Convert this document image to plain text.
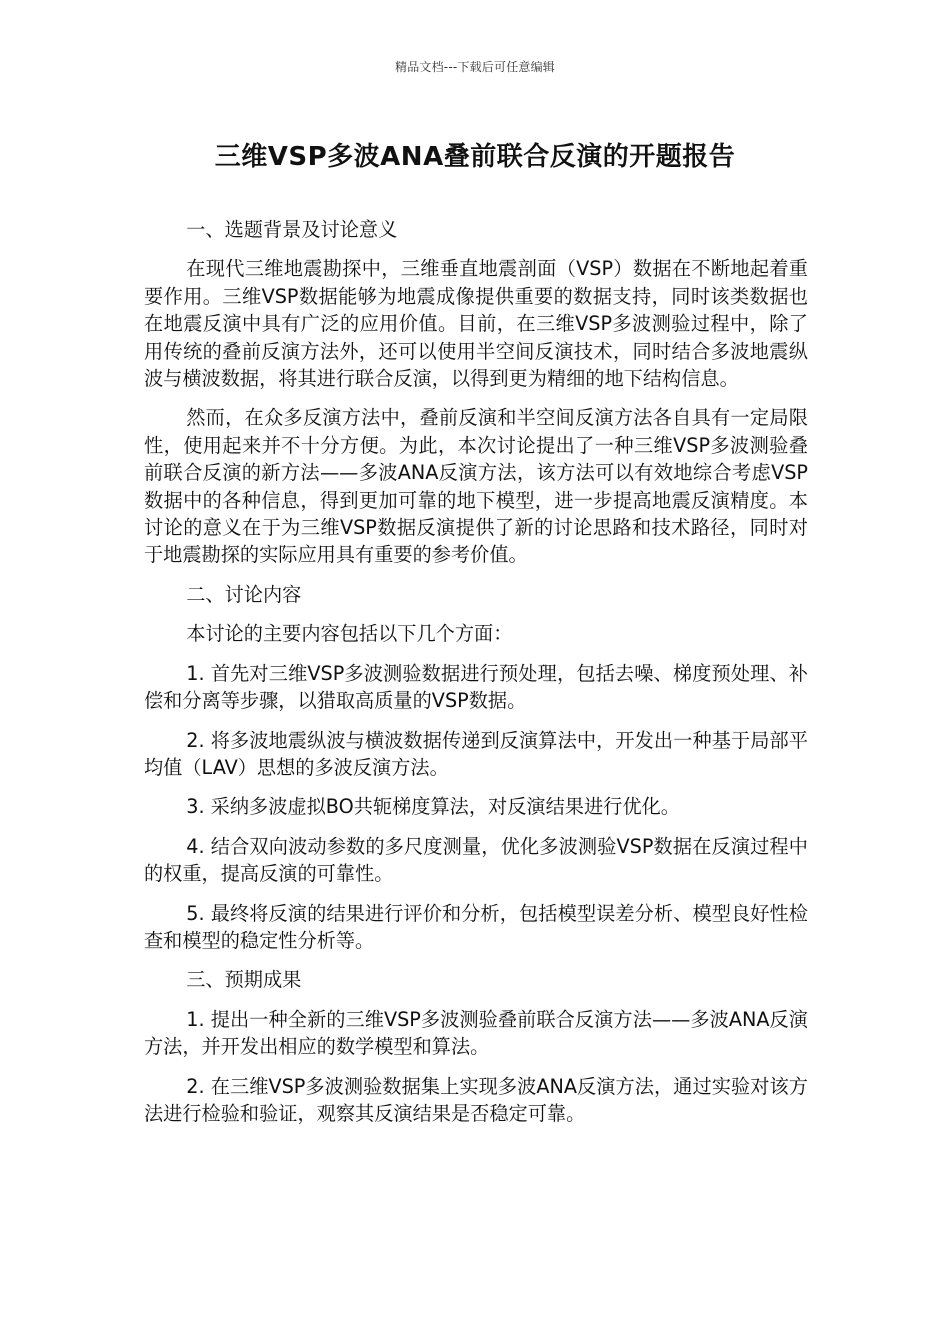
精品文档---下载后可任意编辑
三维VSP多波ANA叠前联合反演的开题报告

一、选题背景及讨论意义

在现代三维地震勘探中，三维垂直地震剖面（VSP）数据在不断地起着重要作用。三维VSP数据能够为地震成像提供重要的数据支持，同时该类数据也在地震反演中具有广泛的应用价值。目前，在三维VSP多波测验过程中，除了用传统的叠前反演方法外，还可以使用半空间反演技术，同时结合多波地震纵波与横波数据，将其进行联合反演，以得到更为精细的地下结构信息。

然而，在众多反演方法中，叠前反演和半空间反演方法各自具有一定局限性，使用起来并不十分方便。为此，本次讨论提出了一种三维VSP多波测验叠前联合反演的新方法——多波ANA反演方法，该方法可以有效地综合考虑VSP数据中的各种信息，得到更加可靠的地下模型，进一步提高地震反演精度。本讨论的意义在于为三维VSP数据反演提供了新的讨论思路和技术路径，同时对于地震勘探的实际应用具有重要的参考价值。

二、讨论内容

本讨论的主要内容包括以下几个方面：

1. 首先对三维VSP多波测验数据进行预处理，包括去噪、梯度预处理、补偿和分离等步骤，以猎取高质量的VSP数据。

2. 将多波地震纵波与横波数据传递到反演算法中，开发出一种基于局部平均值（LAV）思想的多波反演方法。

3. 采纳多波虚拟BO共轭梯度算法，对反演结果进行优化。

4. 结合双向波动参数的多尺度测量，优化多波测验VSP数据在反演过程中的权重，提高反演的可靠性。

5. 最终将反演的结果进行评价和分析，包括模型误差分析、模型良好性检查和模型的稳定性分析等。

三、预期成果

1. 提出一种全新的三维VSP多波测验叠前联合反演方法——多波ANA反演方法，并开发出相应的数学模型和算法。

2. 在三维VSP多波测验数据集上实现多波ANA反演方法，通过实验对该方法进行检验和验证，观察其反演结果是否稳定可靠。
